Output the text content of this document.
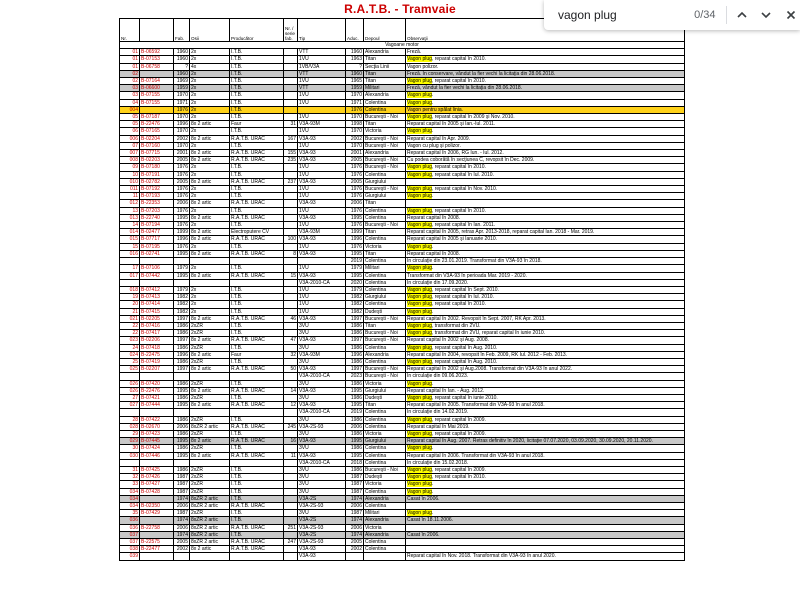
vagon plug	0/34
R.A.T.B. - Tramvaie
Nr.		Fab.	Osii	Producător	Nr. / serie fab.	Tip	Aduc.	Depoul	Observaţii
Vagoane motor									
01	B-06592	1960	2x	I.T.B.		VTT	1960	Alexandria	Frezā.
01	B-07153	1960	2x	I.T.B.		1VU	1963	Titan	Vagon plug, reparat capital în 2010.
01	B-06758	?	4x	I.T.B.		1VB/V3A	?	Secţia Linii	Vagon polizor.
02		1960	2x	I.T.B.		VTT	1960	Titan	Frezā. În conservare, vândut la fier vechi la licitaţia din 28.06.2018.
02	B-07164	1969	2x	I.T.B.		1VU	1965	Titan	Vagon plug, reparat capital în 2010.
03	B-06600	1959	2x	I.T.B.		VTT	1959	Militari	Frezā, vândut la fier vechi la licitaţia din 28.06.2018.
03	B-07155	1970	2x	I.T.B.		1VU	1970	Alexandria	Vagon plug.
04	B-07155	1971	2x	I.T.B.		1VU	1971	Colentina	Vagon plug.
004		1976	2x	I.T.B.			1976	Colentina	Vagon pentru spălat linia.
05	B-07187	1970	2x	I.T.B.		1VU	1970	Bucureşti - Noi	Vagon plug, reparat capital în 2009 şi Nov. 2010.
05	B-22476	1996	8x 2 artic	Faur	31	V3A-93M	1998	Titan	Reparat capital în 2005 şi Ian.-Iul. 2011.
06	B-07165	1970	2x	I.T.B.		1VU	1970	Victoria	Vagon plug.
006	B-02204	2002	8x 2 artic	R.A.T.B. URAC	167	V3A-93	2002	Bucureşti - Noi	Reparat capital în Apr. 2009.
07	B-07160	1970	2x	I.T.B.		1VU	1970	Bucureşti - Noi	Vagon cu plug şi polizor.
007	B-07715	2001	8x 2 artic	R.A.T.B. URAC	155	V3A-93	2001	Alexandria	Reparat capital în 2006, RG Iun. - Iul. 2012.
008	B-02203	2005	8x 2 artic	R.A.T.B. URAC	235	V3A-93	2005	Bucureşti - Noi	Cu podea coborâtă în secţiunea C, revopsit în Dec. 2009.
09	B-07180	1976	2x	I.T.B.		1VU	1976	Bucureşti - Noi	Vagon plug, reparat capital în 2010.
10	B-07191	1976	2x	I.T.B.		1VU	1976	Colentina	Vagon plug, reparat capital în Iul. 2010.
010	B-02782	2005	8x 2 artic	R.A.T.B. URAC	237	V3A-93	2005	Giurgiului	
011	B-07192	1976	2x	I.T.B.		1VU	1976	Bucureşti - Noi	Vagon plug, reparat capital în Nov. 2010.
11	B-07193	1976	2x	I.T.B.		1VU	1976	Giurgiului	Vagon plug.
012	B-22353	2006	8x 2 artic	R.A.T.B. URAC		V3A-93	2006	Titan	
13	B-07203	1976	2x	I.T.B.		1VU	1976	Colentina	Vagon plug, reparat capital în 2010.
013	B-22740	1995	8x 2 artic	R.A.T.B. URAC		V3A-93	1995	Colentina	Reparat capital în 2008.
14	B-07194	1976	2x	I.T.B.		1VU	1976	Bucureşti - Noi	Vagon plug, reparat capital în Ian. 2011.
014	B-02477	1999	8x 2 artic	Electroputere CV		V3A-93M	1999	Titan	Reparat capital în 2005, retras Apr. 2013-2018, reparat capital Ian. 2018 - Mar. 2019.
015	B-07717	1996	8x 2 artic	R.A.T.B. URAC	100	V3A-93	1996	Colentina	Reparat capital în 2005 şi Ianuarie 2010.
15	B-07195	1976	2x	I.T.B.		1VU	1976	Victoria	Vagon plug.
016	B-02741	1995	8x 2 artic	R.A.T.B. URAC	8	V3A-93	1995	Titan	Reparat capital în 2008.
							2019	Colentina	În circulaţie din 23.01.2019. Transformat din V3A-93 în 2018.
17	B-07106	1979	2x	I.T.B.		1VU	1979	Militari	Vagon plug.
017	B-07442	1995	8x 2 artic	R.A.T.B. URAC	15	V3A-93	1995	Colentina	Transformat din V3A-93 în perioada Mar. 2019 - 2020.
						V3A-2010-CA	2020	Colentina	În circulaţie din 17.09.2020.
018	B-07412	1979	2x	I.T.B.		1VU	1979	Colentina	Vagon plug, reparat capital în Sept. 2010.
19	B-07413	1982	2x	I.T.B.		1VU	1982	Giurgiului	Vagon plug, reparat capital în Iul. 2010.
20	B-07414	1982	2x	I.T.B.		1VU	1982	Colentina	Vagon plug, reparat capital în 2010.
21	B-07415	1982	2x	I.T.B.		1VU	1982	Dudeşti	Vagon plug.
021	B-02205	1997	8x 2 artic	R.A.T.B. URAC	46	V3A-93	1997	Bucureşti - Noi	Reparat capital în 2002. Revopsit în Sept. 2007, RK Apr. 2013.
22	B-07416	1986	2xZR	I.T.B.		3VU	1986	Titan	Vagon plug, transformat din 2VU.
22	B-07417	1986	2xZR	I.T.B.		3VU	1986	Bucureşti - Noi	Vagon plug, transformat din 2VU, reparat capital în iunie 2010.
023	B-02206	1997	8x 2 artic	R.A.T.B. URAC	47	V3A-93	1997	Bucureşti - Noi	Reparat capital în 2002 şi Aug. 2008.
24	B-07418	1986	2xZR	I.T.B.		3VU	1986	Colentina	Vagon plug, reparat capital în Aug. 2010.
024	B-22475	1996	8x 2 artic	Faur	32	V3A-93M	1996	Alexandria	Reparat capital în 2004, revopsit în Feb. 2009, RK Iul. 2012 - Feb. 2013.
25	B-07419	1986	2xZR	I.T.B.		3VU	1986	Colentina	Vagon plug, reparat capital în Aug. 2010.
025	B-02207	1997	8x 2 artic	R.A.T.B. URAC	50	V3A-93	1997	Bucureşti - Noi	Reparat capital în 2002 şi Aug.2008. Transformat din V3A-93 în anul 2022.
						V3A-2010-CA	2023	Bucureşti - Noi	În circulaţie din 09.06.2023.
026	B-07420	1986	2xZR	I.T.B.		3VU	1986	Victoria	Vagon plug.
026	B-22476	1995	8x 2 artic	R.A.T.B. URAC	14	V3A-93	1995	Giurgiului	Reparat capital în Ian. - Aug. 2012.
27	B-07421	1986	2xZR	I.T.B.		3VU	1986	Dudeşti	Vagon plug, reparat capital în iunie 2010.
027	B-07444	1995	8x 2 artic	R.A.T.B. URAC	12	V3A-93	1995	Titan	Reparat capital în 2005. Transformat din V3A-93 în anul 2018.
						V3A-2010-CA	2019	Colentina	În circulaţie din 14.02.2019.
28	B-07422	1986	2xZR	I.T.B.		3VU	1986	Colentina	Vagon plug, reparat capital în 2009.
028	B-02670	2006	8xZR 2 artic	R.A.T.B. URAC	245	V3A-2S-93	2006	Colentina	Reparat capital în Mai 2019.
29	B-07423	1986	2xZR	I.T.B.		3VU	1986	Victoria	Vagon plug, reparat capital în 2009.
029	B-07445	1995	8x 2 artic	R.A.T.B. URAC	16	V3A-93	1995	Giurgiului	Reparat capital în Aug. 2007. Retras definitiv în 2020, licitaţie 07.07.2020, 03.09.2020, 30.09.2020, 20.11.2020.
30	B-07424	1986	2xZR	I.T.B.		3VU	1986	Colentina	Vagon plug.
030	B-07446	1995	8x 2 artic	R.A.T.B. URAC	11	V3A-93	1995	Colentina	Reparat capital în 2006. Transformat din V3A-93 în anul 2018.
						V3A-2010-CA	2018	Colentina	În circulaţie din 15.02.2018.
31	B-07425	1986	2xZR	I.T.B.		3VU	1986	Bucureşti - Noi	Vagon plug, reparat capital în 2009.
32	B-07426	1987	2xZR	I.T.B.		3VU	1987	Dudeşti	Vagon plug, reparat capital în 2010.
33	B-07427	1987	2xZR	I.T.B.		3VU	1987	Victoria	Vagon plug.
034	B-07428	1987	2xZR	I.T.B.		3VU	1987	Colentina	Vagon plug.
034		1974	8xZR 2 artic	I.T.B.		V3A-2S	1974	Alexandria	Casat în 2006.
034	B-02350	2006	8xZR 2 artic	R.A.T.B. URAC		V3A-2S-93	2006	Colentina	
35	B-07429	1987	2xZR	I.T.B.		3VU	1987	Militari	Vagon plug.
036		1974	8xZR 2 artic	I.T.B.		V3A-2S	1974	Alexandria	Casat în 18.11.2006.
036	B-22758	2006	8xZR 2 artic	R.A.T.B. URAC	251	V3A-2S-93	2006	Victoria	
037		1974	8xZR 2 artic	I.T.B.		V3A-2S	1974	Alexandria	Casat în 2006.
037	B-22575	2005	8xZR 2 artic	R.A.T.B. URAC	247	V3A-2S-93	2005	Colentina	
038	B-22477	2002	8x 2 artic	R.A.T.B. URAC		V3A-93	2002	Colentina	
039						V3A-93			Reparat capital în Nov. 2018. Transformat din V3A-93 în anul 2020.
